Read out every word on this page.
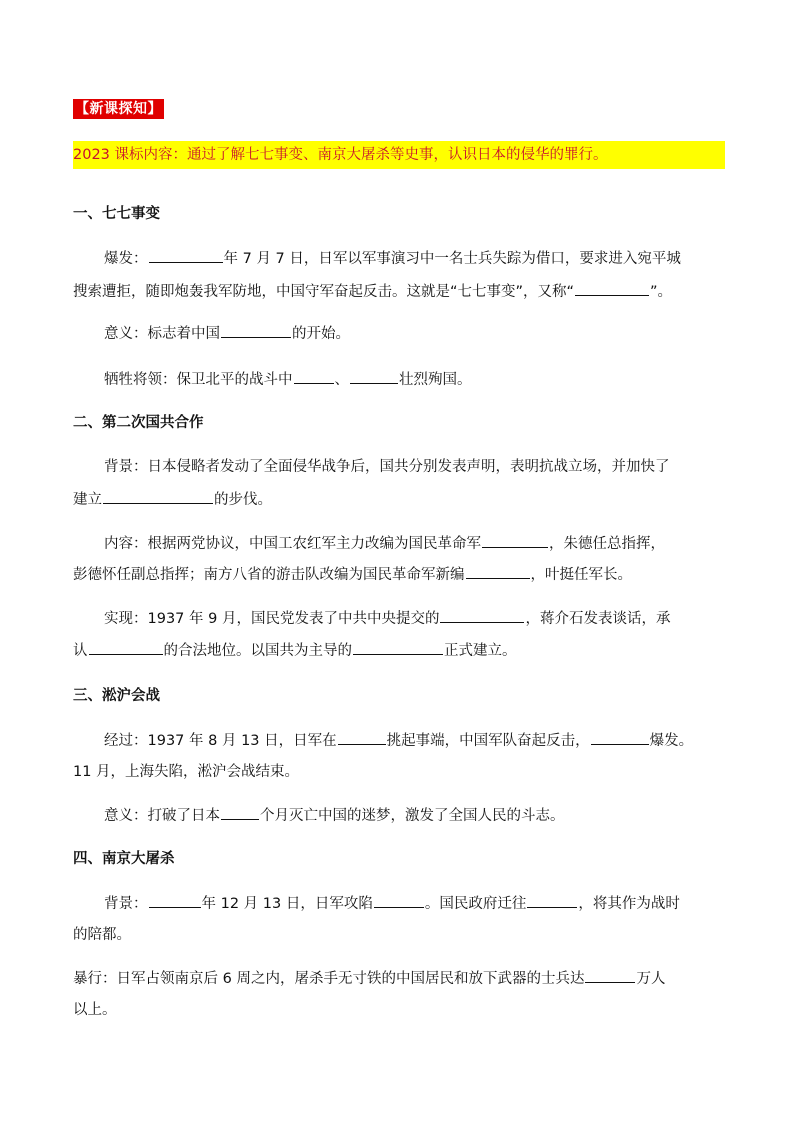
【新课探知】
2023 课标内容：通过了解七七事变、南京大屠杀等史事，认识日本的侵华的罪行。
一、七七事变
爆发：	年 7 月 7 日，日军以军事演习中一名士兵失踪为借口，要求进入宛平城
搜索遭拒，随即炮轰我军防地，中国守军奋起反击。这就是“七七事变”，又称“	”。
意义：标志着中国	的开始。
牺牲将领：保卫北平的战斗中	、	壮烈殉国。
二、第二次国共合作
背景：日本侵略者发动了全面侵华战争后，国共分别发表声明，表明抗战立场，并加快了
建立	的步伐。
内容：根据两党协议，中国工农红军主力改编为国民革命军	，朱德任总指挥，
彭德怀任副总指挥；南方八省的游击队改编为国民革命军新编	，叶挺任军长。
实现：1937 年 9 月，国民党发表了中共中央提交的	，蒋介石发表谈话，承
认	的合法地位。以国共为主导的	正式建立。
三、淞沪会战
经过：1937 年 8 月 13 日，日军在	挑起事端，中国军队奋起反击，	爆发。
11 月，上海失陷，淞沪会战结束。
意义：打破了日本	个月灭亡中国的迷梦，激发了全国人民的斗志。
四、南京大屠杀
背景：	年 12 月 13 日，日军攻陷	。国民政府迁往	，将其作为战时
的陪都。
暴行：日军占领南京后 6 周之内，屠杀手无寸铁的中国居民和放下武器的士兵达	万人
以上。
